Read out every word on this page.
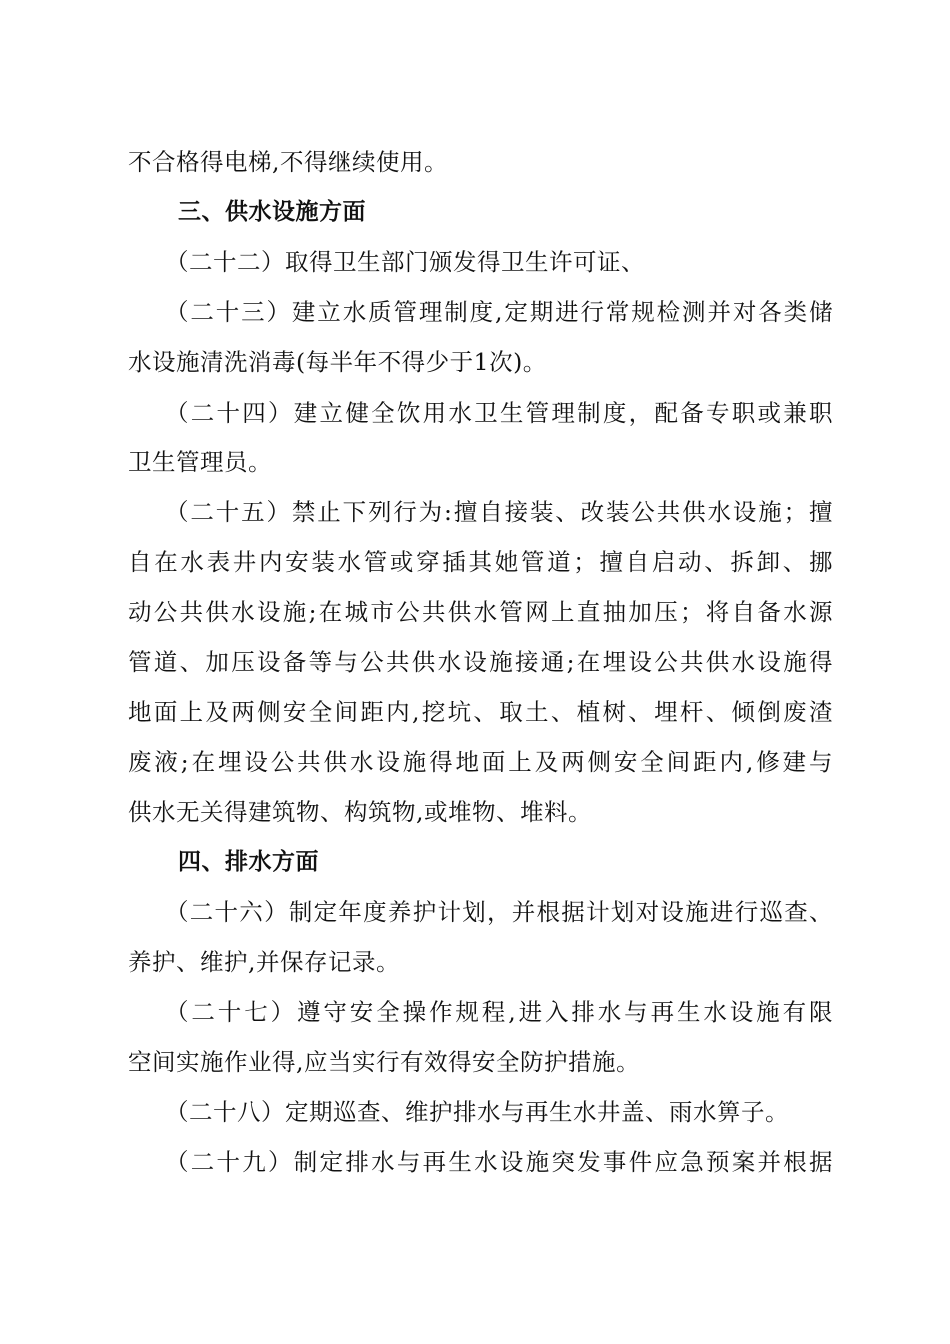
不合格得电梯,不得继续使用。
三、供水设施方面
（二十二）取得卫生部门颁发得卫生许可证、
（二十三）建立水质管理制度,定期进行常规检测并对各类储
水设施清洗消毒(每半年不得少于1次)。
（二十四）建立健全饮用水卫生管理制度，配备专职或兼职
卫生管理员。
（二十五）禁止下列行为:擅自接装、改装公共供水设施；擅
自在水表井内安装水管或穿插其她管道；擅自启动、拆卸、挪
动公共供水设施;在城市公共供水管网上直抽加压；将自备水源
管道、加压设备等与公共供水设施接通;在埋设公共供水设施得
地面上及两侧安全间距内,挖坑、取土、植树、埋杆、倾倒废渣
废液;在埋设公共供水设施得地面上及两侧安全间距内,修建与
供水无关得建筑物、构筑物,或堆物、堆料。
四、排水方面
（二十六）制定年度养护计划，并根据计划对设施进行巡查、
养护、维护,并保存记录。
（二十七）遵守安全操作规程,进入排水与再生水设施有限
空间实施作业得,应当实行有效得安全防护措施。
（二十八）定期巡查、维护排水与再生水井盖、雨水箅子。
（二十九）制定排水与再生水设施突发事件应急预案并根据
